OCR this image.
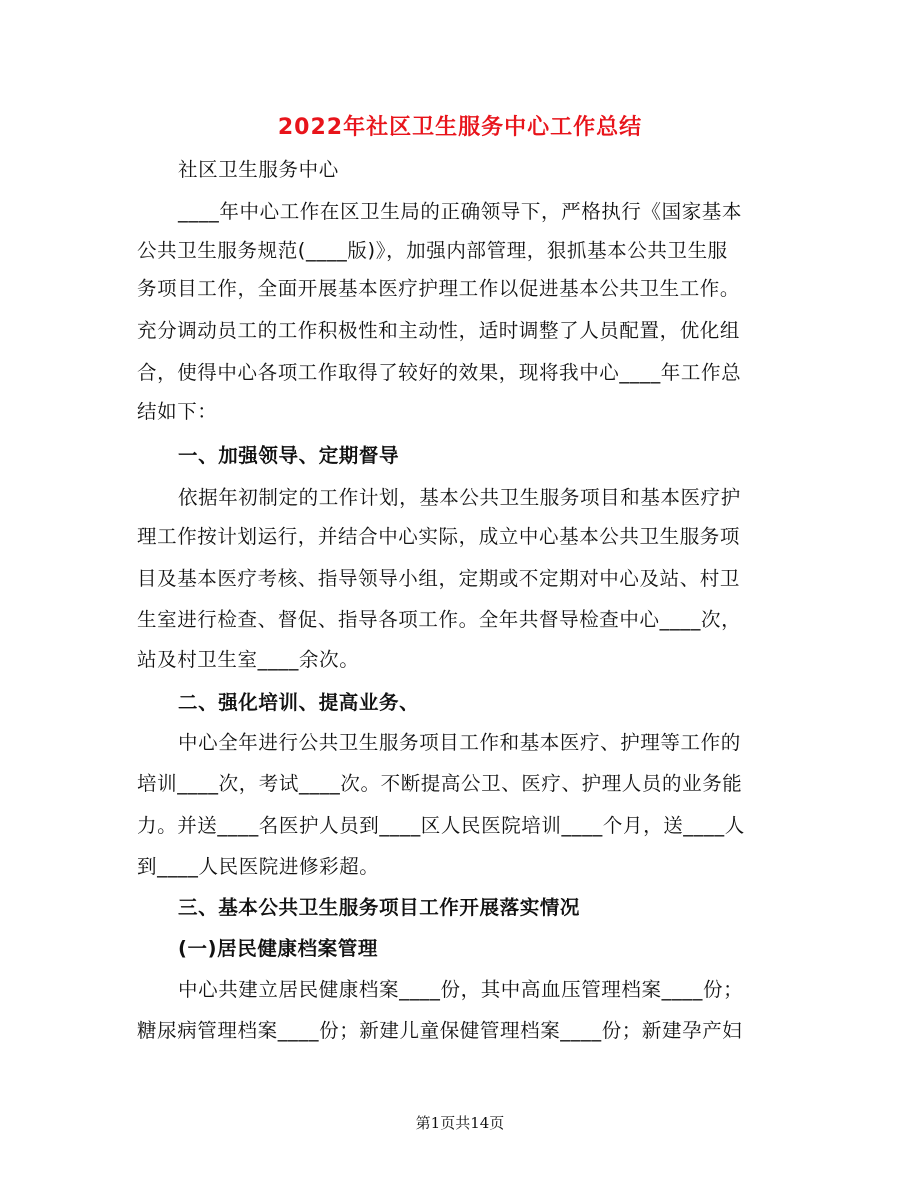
2022年社区卫生服务中心工作总结
社区卫生服务中心
____年中心工作在区卫生局的正确领导下，严格执行《国家基本
公共卫生服务规范(____版)》，加强内部管理，狠抓基本公共卫生服
务项目工作，全面开展基本医疗护理工作以促进基本公共卫生工作。
充分调动员工的工作积极性和主动性，适时调整了人员配置，优化组
合，使得中心各项工作取得了较好的效果，现将我中心____年工作总
结如下：
一、加强领导、定期督导
依据年初制定的工作计划，基本公共卫生服务项目和基本医疗护
理工作按计划运行，并结合中心实际，成立中心基本公共卫生服务项
目及基本医疗考核、指导领导小组，定期或不定期对中心及站、村卫
生室进行检查、督促、指导各项工作。全年共督导检查中心____次，
站及村卫生室____余次。
二、强化培训、提高业务、
中心全年进行公共卫生服务项目工作和基本医疗、护理等工作的
培训____次，考试____次。不断提高公卫、医疗、护理人员的业务能
力。并送____名医护人员到____区人民医院培训____个月，送____人
到____人民医院进修彩超。
三、基本公共卫生服务项目工作开展落实情况
(一)居民健康档案管理
中心共建立居民健康档案____份，其中高血压管理档案____份；
糖尿病管理档案____份；新建儿童保健管理档案____份；新建孕产妇
第1页共14页
